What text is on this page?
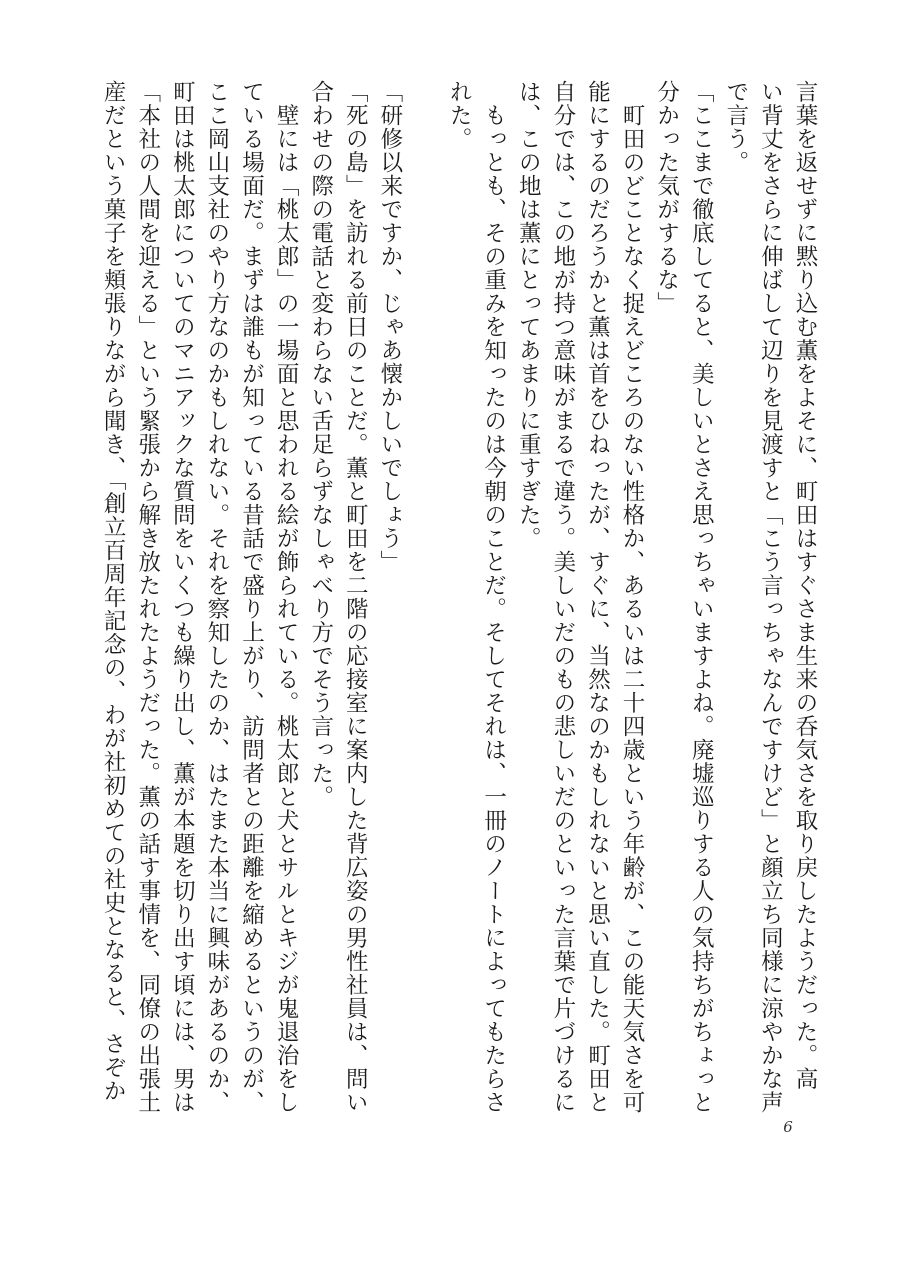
言葉を返せずに黙り込む薫をよそに、町田はすぐさま生来の呑気さを取り戻したようだった。高
い背丈をさらに伸ばして辺りを見渡すと「こう言っちゃなんですけど」と顔立ち同様に涼やかな声
で言う。
「ここまで徹底してると、美しいとさえ思っちゃいますよね。廃墟巡りする人の気持ちがちょっと
分かった気がするな」
　町田のどことなく捉えどころのない性格か、あるいは二十四歳という年齢が、この能天気さを可
能にするのだろうかと薫は首をひねったが、すぐに、当然なのかもしれないと思い直した。町田と
自分では、この地が持つ意味がまるで違う。美しいだのもの悲しいだのといった言葉で片づけるに
は、この地は薫にとってあまりに重すぎた。
　もっとも、その重みを知ったのは今朝のことだ。そしてそれは、一冊のノートによってもたらさ
れた。
「研修以来ですか、じゃあ懐かしいでしょう」
「死の島」を訪れる前日のことだ。薫と町田を二階の応接室に案内した背広姿の男性社員は、問い
合わせの際の電話と変わらない舌足らずなしゃべり方でそう言った。
　壁には「桃太郎」の一場面と思われる絵が飾られている。桃太郎と犬とサルとキジが鬼退治をし
ている場面だ。まずは誰もが知っている昔話で盛り上がり、訪問者との距離を縮めるというのが、
ここ岡山支社のやり方なのかもしれない。それを察知したのか、はたまた本当に興味があるのか、
町田は桃太郎についてのマニアックな質問をいくつも繰り出し、薫が本題を切り出す頃には、男は
「本社の人間を迎える」という緊張から解き放たれたようだった。薫の話す事情を、同僚の出張土
産だという菓子を頬張りながら聞き、「創立百周年記念の、わが社初めての社史となると、さぞか
6
